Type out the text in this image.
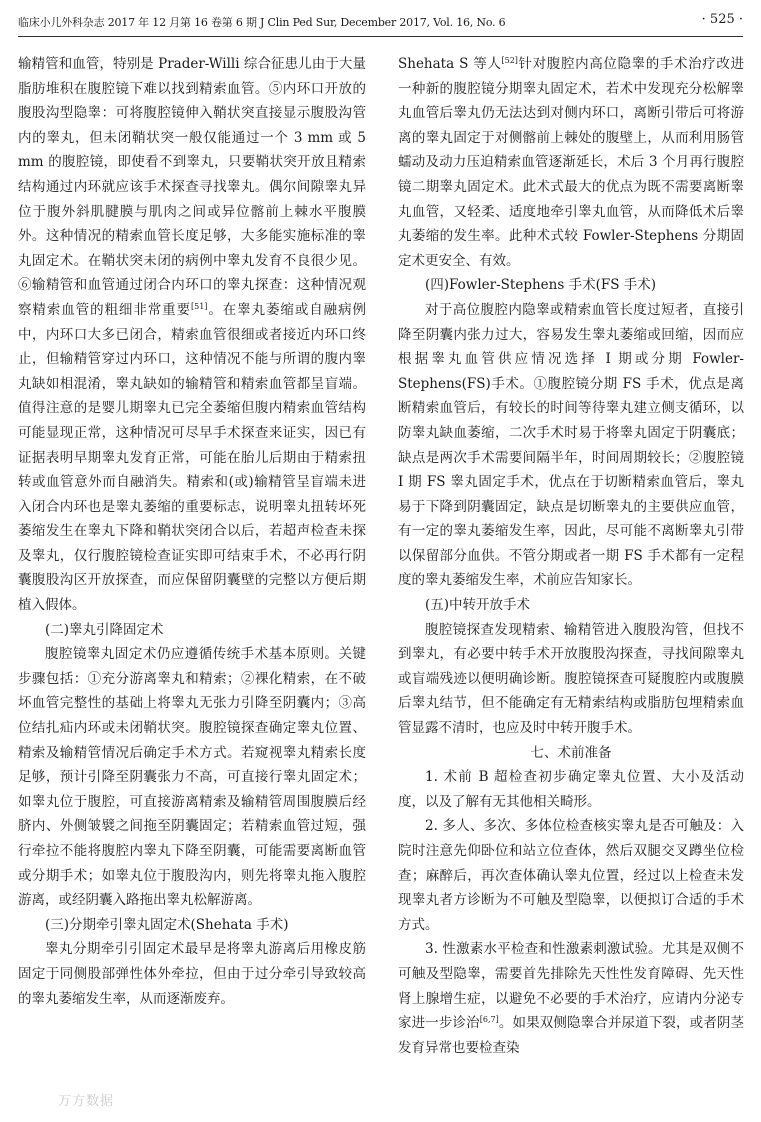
临床小儿外科杂志 2017 年 12 月第 16 卷第 6 期 J Clin Ped Sur, December 2017, Vol. 16, No. 6	· 525 ·

输精管和血管，特别是 Prader-Willi 综合征患儿由于大量脂肪堆积在腹腔镜下难以找到精索血管。⑤内环口开放的腹股沟型隐睾：可将腹腔镜伸入鞘状突直接显示腹股沟管内的睾丸，但未闭鞘状突一般仅能通过一个 3 mm 或 5 mm 的腹腔镜，即使看不到睾丸，只要鞘状突开放且精索结构通过内环就应该手术探查寻找睾丸。偶尔间隙睾丸异位于腹外斜肌腱膜与肌肉之间或异位髂前上棘水平腹膜外。这种情况的精索血管长度足够，大多能实施标准的睾丸固定术。在鞘状突未闭的病例中睾丸发育不良很少见。⑥输精管和血管通过闭合内环口的睾丸探查：这种情况观察精索血管的粗细非常重要[51]。在睾丸萎缩或自融病例中，内环口大多已闭合，精索血管很细或者接近内环口终止，但输精管穿过内环口，这种情况不能与所谓的腹内睾丸缺如相混淆，睾丸缺如的输精管和精索血管都呈盲端。值得注意的是婴儿期睾丸已完全萎缩但腹内精索血管结构可能显现正常，这种情况可尽早手术探查来证实，因已有证据表明早期睾丸发育正常，可能在胎儿后期由于精索扭转或血管意外而自融消失。精索和(或)输精管呈盲端未进入闭合内环也是睾丸萎缩的重要标志，说明睾丸扭转坏死萎缩发生在睾丸下降和鞘状突闭合以后，若超声检查未探及睾丸，仅行腹腔镜检查证实即可结束手术，不必再行阴囊腹股沟区开放探查，而应保留阴囊壁的完整以方便后期植入假体。

(二)睾丸引降固定术

腹腔镜睾丸固定术仍应遵循传统手术基本原则。关键步骤包括：①充分游离睾丸和精索；②裸化精索，在不破坏血管完整性的基础上将睾丸无张力引降至阴囊内；③高位结扎疝内环或未闭鞘状突。腹腔镜探查确定睾丸位置、精索及输精管情况后确定手术方式。若窥视睾丸精索长度足够，预计引降至阴囊张力不高，可直接行睾丸固定术；如睾丸位于腹腔，可直接游离精索及输精管周围腹膜后经脐内、外侧皱襞之间拖至阴囊固定；若精索血管过短，强行牵拉不能将腹腔内睾丸下降至阴囊，可能需要离断血管或分期手术；如睾丸位于腹股沟内，则先将睾丸拖入腹腔游离，或经阴囊入路拖出睾丸松解游离。

(三)分期牵引睾丸固定术(Shehata 手术)

睾丸分期牵引引固定术最早是将睾丸游离后用橡皮筋固定于同侧股部弹性体外牵拉，但由于过分牵引导致较高的睾丸萎缩发生率，从而逐渐废弃。

Shehata S 等人[52]针对腹腔内高位隐睾的手术治疗改进一种新的腹腔镜分期睾丸固定术，若术中发现充分松解睾丸血管后睾丸仍无法达到对侧内环口，离断引带后可将游离的睾丸固定于对侧髂前上棘处的腹壁上，从而利用肠管蠕动及动力压迫精索血管逐渐延长，术后 3 个月再行腹腔镜二期睾丸固定术。此术式最大的优点为既不需要离断睾丸血管，又轻柔、适度地牵引睾丸血管，从而降低术后睾丸萎缩的发生率。此种术式较 Fowler-Stephens 分期固定术更安全、有效。

(四)Fowler-Stephens 手术(FS 手术)

对于高位腹腔内隐睾或精索血管长度过短者，直接引降至阴囊内张力过大，容易发生睾丸萎缩或回缩，因而应根据睾丸血管供应情况选择 I 期或分期 Fowler-Stephens(FS)手术。①腹腔镜分期 FS 手术，优点是离断精索血管后，有较长的时间等待睾丸建立侧支循环，以防睾丸缺血萎缩，二次手术时易于将睾丸固定于阴囊底；缺点是两次手术需要间隔半年，时间周期较长；②腹腔镜 I 期 FS 睾丸固定手术，优点在于切断精索血管后，睾丸易于下降到阴囊固定，缺点是切断睾丸的主要供应血管，有一定的睾丸萎缩发生率，因此，尽可能不离断睾丸引带以保留部分血供。不管分期或者一期 FS 手术都有一定程度的睾丸萎缩发生率，术前应告知家长。

(五)中转开放手术

腹腔镜探查发现精索、输精管进入腹股沟管，但找不到睾丸，有必要中转手术开放腹股沟探查，寻找间隙睾丸或盲端残迹以便明确诊断。腹腔镜探查可疑腹腔内或腹膜后睾丸结节，但不能确定有无精索结构或脂肪包埋精索血管显露不清时，也应及时中转开腹手术。

七、术前准备

1. 术前 B 超检查初步确定睾丸位置、大小及活动度，以及了解有无其他相关畸形。

2. 多人、多次、多体位检查核实睾丸是否可触及：入院时注意先仰卧位和站立位查体，然后双腿交叉蹲坐位检查；麻醉后，再次查体确认睾丸位置，经过以上检查未发现睾丸者方诊断为不可触及型隐睾，以便拟订合适的手术方式。

3. 性激素水平检查和性激素刺激试验。尤其是双侧不可触及型隐睾，需要首先排除先天性性发育障碍、先天性肾上腺增生症，以避免不必要的手术治疗，应请内分泌专家进一步诊治[6,7]。如果双侧隐睾合并尿道下裂，或者阴茎发育异常也要检查染

万方数据
